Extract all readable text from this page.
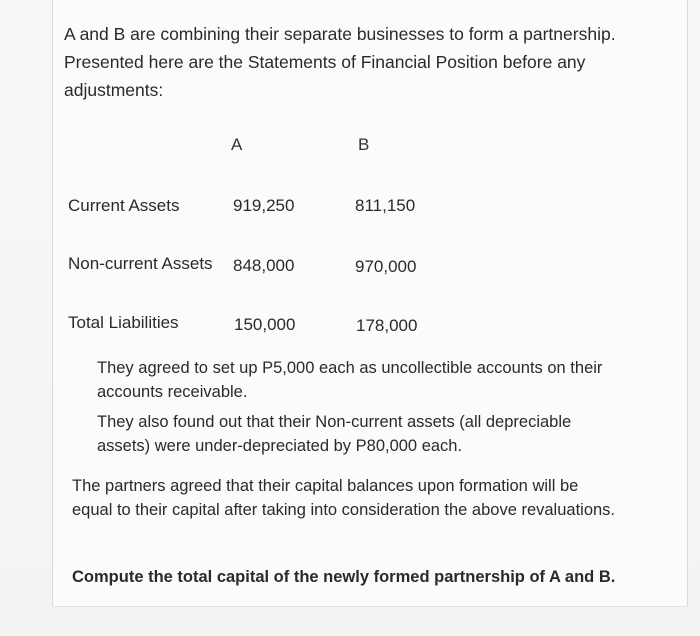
A and B are combining their separate businesses to form a partnership. Presented here are the Statements of Financial Position before any adjustments:
A	B
Current Assets	919,250	811,150
Non-current Assets 848,000	970,000
Total Liabilities	150,000	178,000
They agreed to set up P5,000 each as uncollectible accounts on their accounts receivable.
They also found out that their Non-current assets (all depreciable assets) were under-depreciated by P80,000 each.
The partners agreed that their capital balances upon formation will be equal to their capital after taking into consideration the above revaluations.
Compute the total capital of the newly formed partnership of A and B.
